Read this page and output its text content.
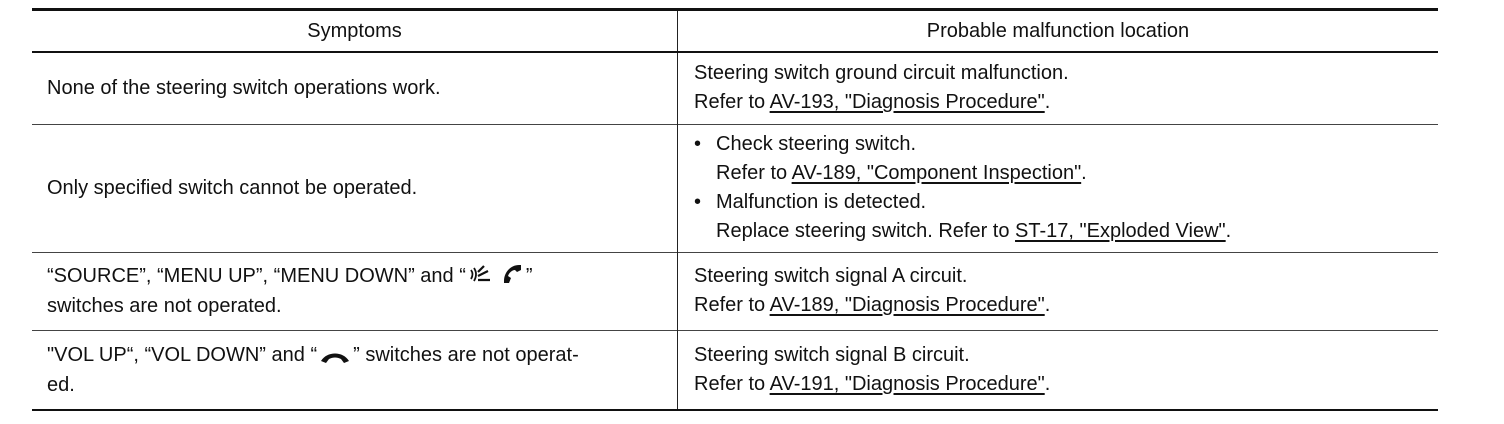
Symptoms	Probable malfunction location

None of the steering switch operations work.	Steering switch ground circuit malfunction.
Refer to AV-193, "Diagnosis Procedure".

Only specified switch cannot be operated.	• Check steering switch.
Refer to AV-189, "Component Inspection".
• Malfunction is detected.
Replace steering switch. Refer to ST-17, "Exploded View".

“SOURCE”, “MENU UP”, “MENU DOWN” and “ ”
switches are not operated.	Steering switch signal A circuit.
Refer to AV-189, "Diagnosis Procedure".

"VOL UP“, “VOL DOWN” and “ ” switches are not operat-
ed.	Steering switch signal B circuit.
Refer to AV-191, "Diagnosis Procedure".
